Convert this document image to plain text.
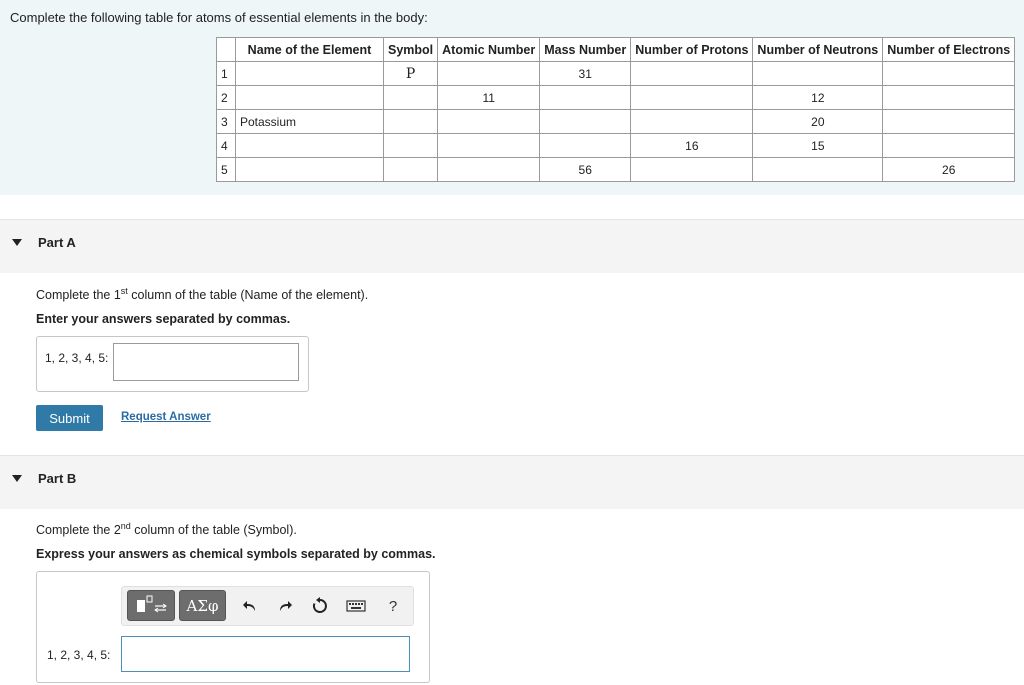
Complete the following table for atoms of essential elements in the body:
	Name of the Element	Symbol	Atomic Number	Mass Number	Number of Protons	Number of Neutrons	Number of Electrons
1		P		31			
2			11			12	
3	Potassium					20	
4					16	15	
5				56			26
Part A
Complete the 1st column of the table (Name of the element).
Enter your answers separated by commas.
1, 2, 3, 4, 5:
Submit	Request Answer
Part B
Complete the 2nd column of the table (Symbol).
Express your answers as chemical symbols separated by commas.
ΑΣφ	?
1, 2, 3, 4, 5:
